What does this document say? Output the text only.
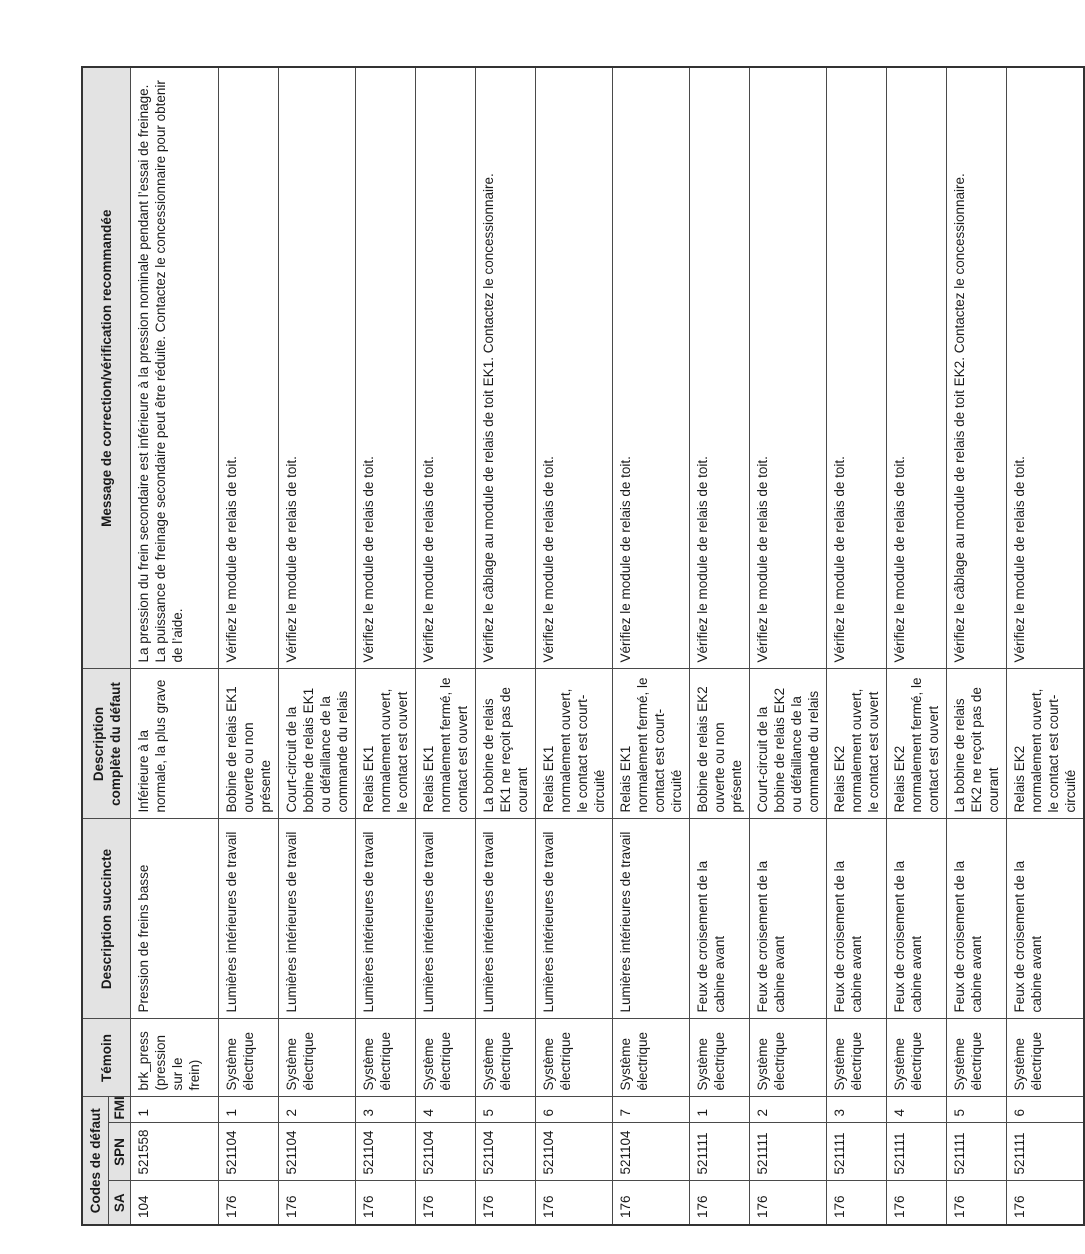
Codes de défaut			Témoin	Description succincte	Description complète du défaut	Message de correction/vérification recommandée
SA	SPN	FMI				
104	521558	1	brk_press (pression sur le frein)	Pression de freins basse	Inférieure à la normale, la plus grave	La pression du frein secondaire est inférieure à la pression nominale pendant l’essai de freinage. La puissance de freinage secondaire peut être réduite. Contactez le concessionnaire pour obtenir de l’aide.
176	521104	1	Système électrique	Lumières intérieures de travail	Bobine de relais EK1 ouverte ou non présente	Vérifiez le module de relais de toit.
176	521104	2	Système électrique	Lumières intérieures de travail	Court-circuit de la bobine de relais EK1 ou défaillance de la commande du relais	Vérifiez le module de relais de toit.
176	521104	3	Système électrique	Lumières intérieures de travail	Relais EK1 normalement ouvert, le contact est ouvert	Vérifiez le module de relais de toit.
176	521104	4	Système électrique	Lumières intérieures de travail	Relais EK1 normalement fermé, le contact est ouvert	Vérifiez le module de relais de toit.
176	521104	5	Système électrique	Lumières intérieures de travail	La bobine de relais EK1 ne reçoit pas de courant	Vérifiez le câblage au module de relais de toit EK1. Contactez le concessionnaire.
176	521104	6	Système électrique	Lumières intérieures de travail	Relais EK1 normalement ouvert, le contact est court-circuité	Vérifiez le module de relais de toit.
176	521104	7	Système électrique	Lumières intérieures de travail	Relais EK1 normalement fermé, le contact est court-circuité	Vérifiez le module de relais de toit.
176	521111	1	Système électrique	Feux de croisement de la cabine avant	Bobine de relais EK2 ouverte ou non présente	Vérifiez le module de relais de toit.
176	521111	2	Système électrique	Feux de croisement de la cabine avant	Court-circuit de la bobine de relais EK2 ou défaillance de la commande du relais	Vérifiez le module de relais de toit.
176	521111	3	Système électrique	Feux de croisement de la cabine avant	Relais EK2 normalement ouvert, le contact est ouvert	Vérifiez le module de relais de toit.
176	521111	4	Système électrique	Feux de croisement de la cabine avant	Relais EK2 normalement fermé, le contact est ouvert	Vérifiez le module de relais de toit.
176	521111	5	Système électrique	Feux de croisement de la cabine avant	La bobine de relais EK2 ne reçoit pas de courant	Vérifiez le câblage au module de relais de toit EK2. Contactez le concessionnaire.
176	521111	6	Système électrique	Feux de croisement de la cabine avant	Relais EK2 normalement ouvert, le contact est court-circuité	Vérifiez le module de relais de toit.
